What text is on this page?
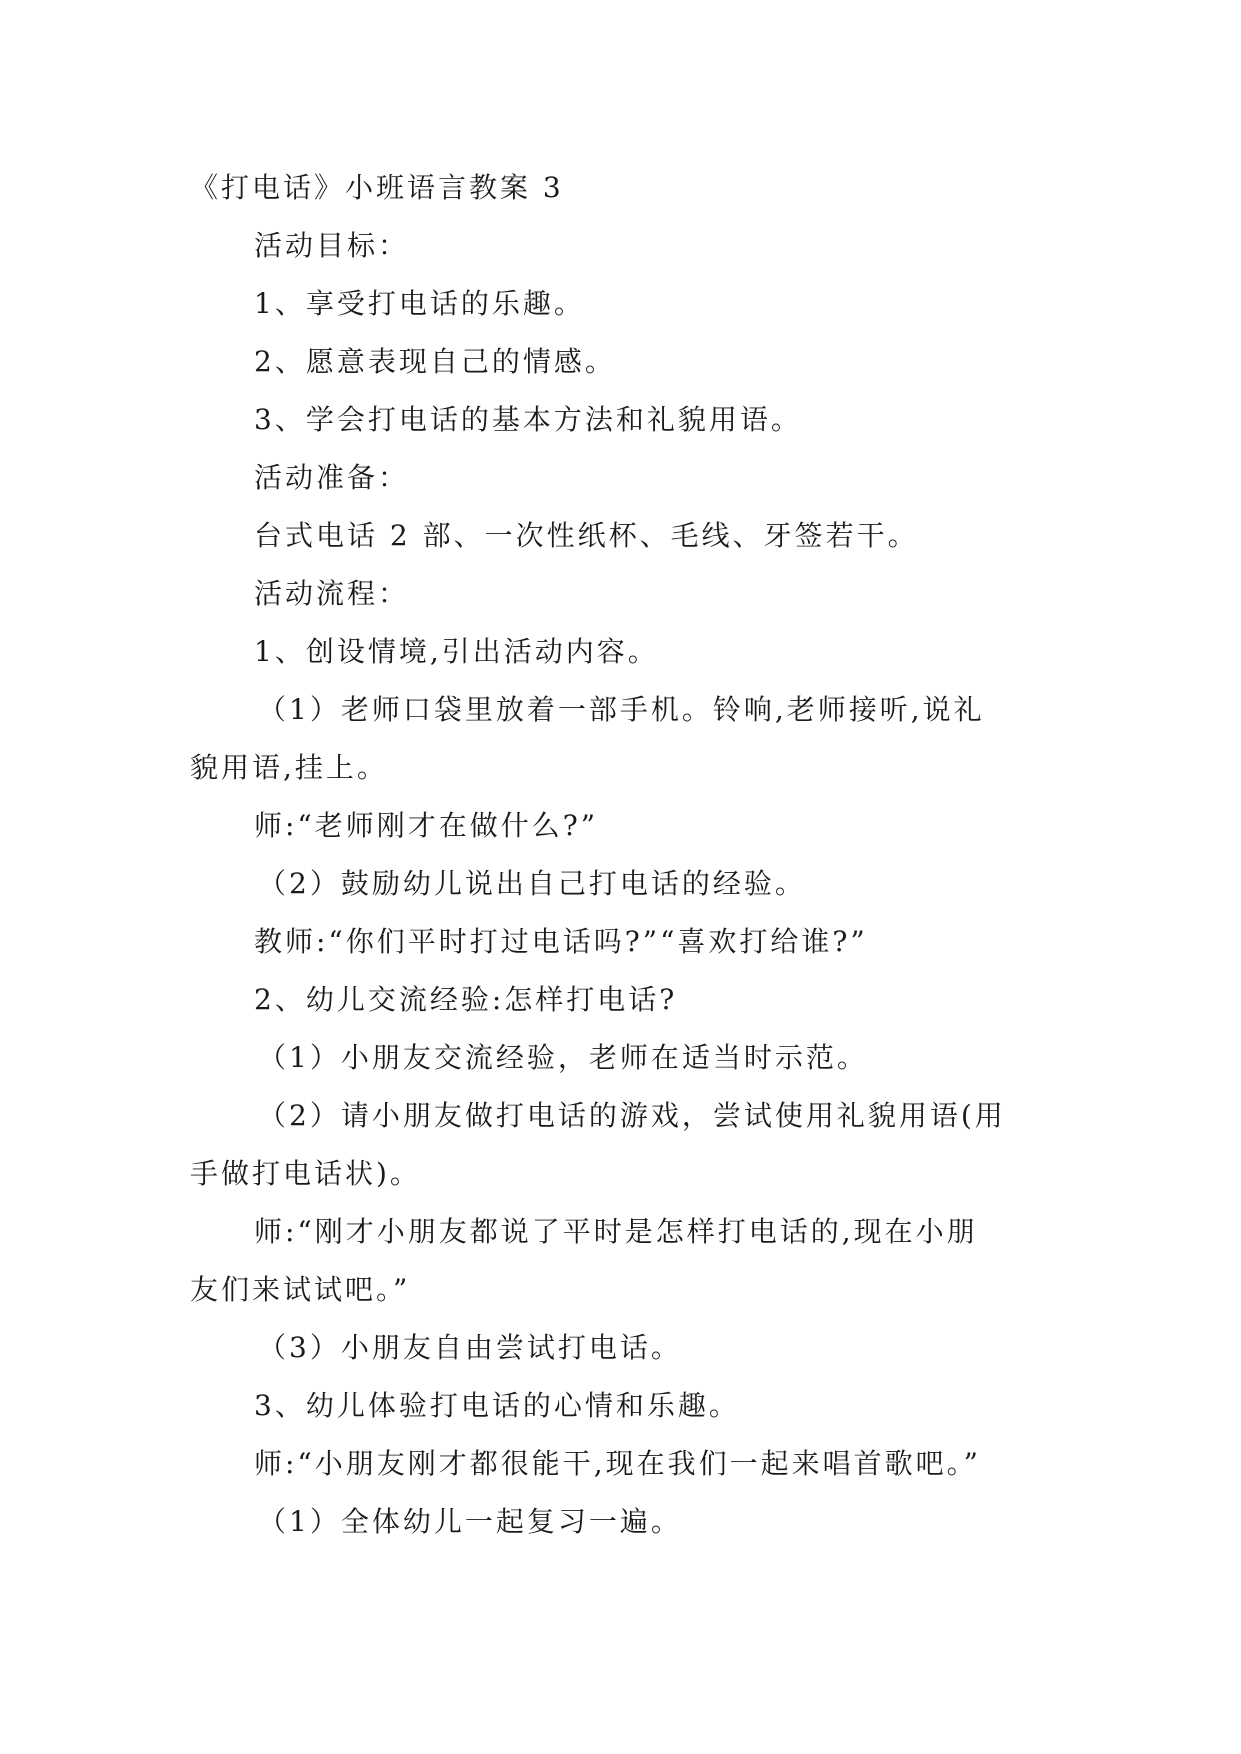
《打电话》小班语言教案 3
活动目标：
1、享受打电话的乐趣。
2、愿意表现自己的情感。
3、学会打电话的基本方法和礼貌用语。
活动准备：
台式电话 2 部、一次性纸杯、毛线、牙签若干。
活动流程：
1、创设情境,引出活动内容。
（1）老师口袋里放着一部手机。铃响,老师接听,说礼
貌用语,挂上。
师:“老师刚才在做什么?”
（2）鼓励幼儿说出自己打电话的经验。
教师:“你们平时打过电话吗?”“喜欢打给谁?”
2、幼儿交流经验:怎样打电话?
（1）小朋友交流经验，老师在适当时示范。
（2）请小朋友做打电话的游戏，尝试使用礼貌用语(用
手做打电话状)。
师:“刚才小朋友都说了平时是怎样打电话的,现在小朋
友们来试试吧。”
（3）小朋友自由尝试打电话。
3、幼儿体验打电话的心情和乐趣。
师:“小朋友刚才都很能干,现在我们一起来唱首歌吧。”
（1）全体幼儿一起复习一遍。
